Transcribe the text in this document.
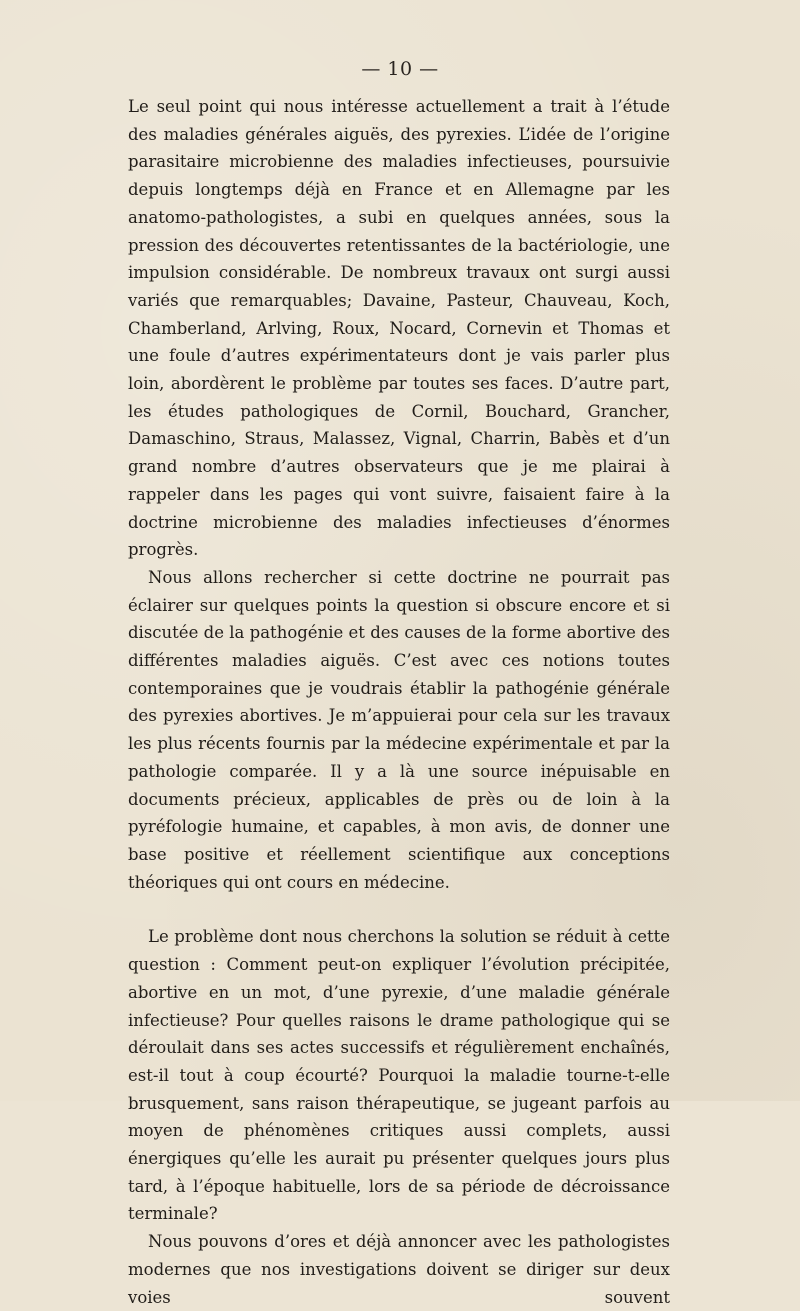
— 10 —

Le seul point qui nous intéresse actuellement a trait à l’étude des maladies générales aiguës, des pyrexies. L’idée de l’origine parasitaire microbienne des maladies infectieuses, poursuivie depuis longtemps déjà en France et en Allemagne par les anatomo-pathologistes, a subi en quelques années, sous la pression des découvertes retentissantes de la bactériologie, une impulsion considérable. De nombreux travaux ont surgi aussi variés que remarquables; Davaine, Pasteur, Chauveau, Koch, Chamberland, Arlving, Roux, Nocard, Cornevin et Thomas et une foule d’autres expérimentateurs dont je vais parler plus loin, abordèrent le problème par toutes ses faces. D’autre part, les études pathologiques de Cornil, Bouchard, Grancher, Damaschino, Straus, Malassez, Vignal, Charrin, Babès et d’un grand nombre d’autres observateurs que je me plairai à rappeler dans les pages qui vont suivre, faisaient faire à la doctrine microbienne des maladies infectieuses d’énormes progrès.

Nous allons rechercher si cette doctrine ne pourrait pas éclairer sur quelques points la question si obscure encore et si discutée de la pathogénie et des causes de la forme abortive des différentes maladies aiguës. C’est avec ces notions toutes contemporaines que je voudrais établir la pathogénie générale des pyrexies abortives. Je m’appuierai pour cela sur les travaux les plus récents fournis par la médecine expérimentale et par la pathologie comparée. Il y a là une source inépuisable en documents précieux, applicables de près ou de loin à la pyréfologie humaine, et capables, à mon avis, de donner une base positive et réellement scientifique aux conceptions théoriques qui ont cours en médecine.

Le problème dont nous cherchons la solution se réduit à cette question : Comment peut-on expliquer l’évolution précipitée, abortive en un mot, d’une pyrexie, d’une maladie générale infectieuse? Pour quelles raisons le drame pathologique qui se déroulait dans ses actes successifs et régulièrement enchaînés, est-il tout à coup écourté? Pourquoi la maladie tourne-t-elle brusquement, sans raison thérapeutique, se jugeant parfois au moyen de phénomènes critiques aussi complets, aussi énergiques qu’elle les aurait pu présenter quelques jours plus tard, à l’époque habituelle, lors de sa période de décroissance terminale?

Nous pouvons d’ores et déjà annoncer avec les pathologistes modernes que nos investigations doivent se diriger sur deux voies souvent
